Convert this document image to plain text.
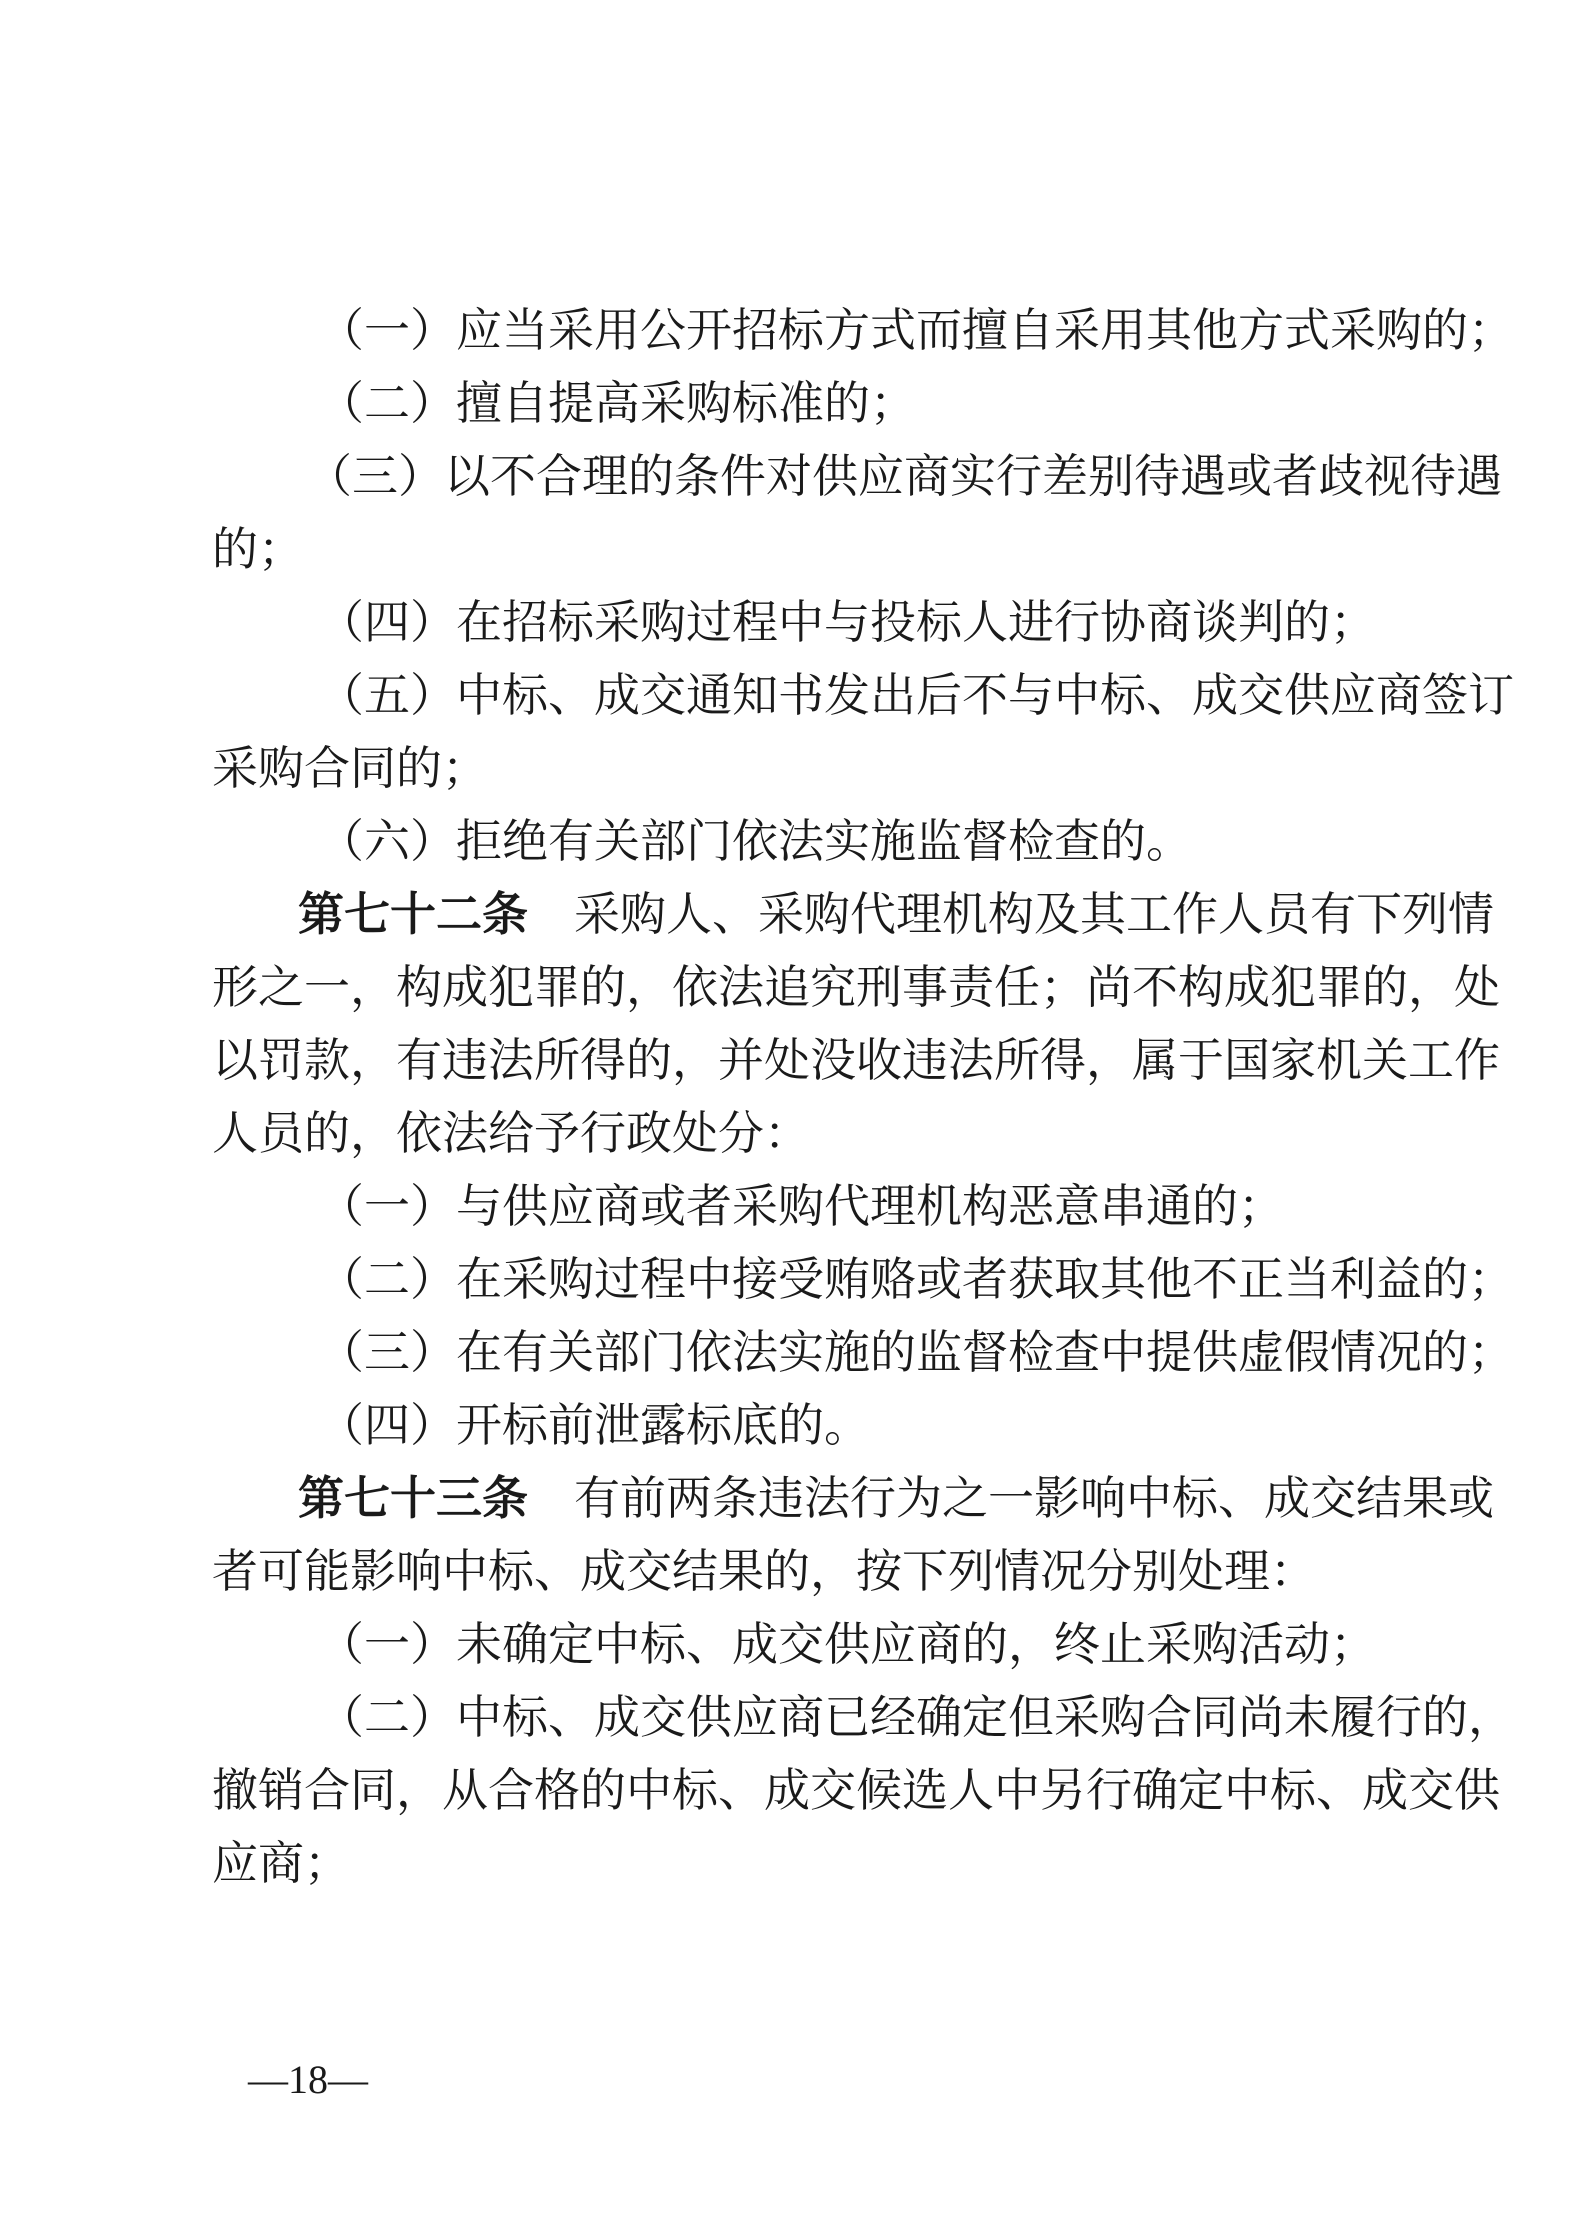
（一）应当采用公开招标方式而擅自采用其他方式采购的；
（二）擅自提高采购标准的；
（三）以不合理的条件对供应商实行差别待遇或者歧视待遇
的；
（四）在招标采购过程中与投标人进行协商谈判的；
（五）中标、成交通知书发出后不与中标、成交供应商签订
采购合同的；
（六）拒绝有关部门依法实施监督检查的。
第七十二条 采购人、采购代理机构及其工作人员有下列情
形之一，构成犯罪的，依法追究刑事责任；尚不构成犯罪的，处
以罚款，有违法所得的，并处没收违法所得，属于国家机关工作
人员的，依法给予行政处分：
（一）与供应商或者采购代理机构恶意串通的；
（二）在采购过程中接受贿赂或者获取其他不正当利益的；
（三）在有关部门依法实施的监督检查中提供虚假情况的；
（四）开标前泄露标底的。
第七十三条 有前两条违法行为之一影响中标、成交结果或
者可能影响中标、成交结果的，按下列情况分别处理：
（一）未确定中标、成交供应商的，终止采购活动；
（二）中标、成交供应商已经确定但采购合同尚未履行的，
撤销合同，从合格的中标、成交候选人中另行确定中标、成交供
应商；
—18—
